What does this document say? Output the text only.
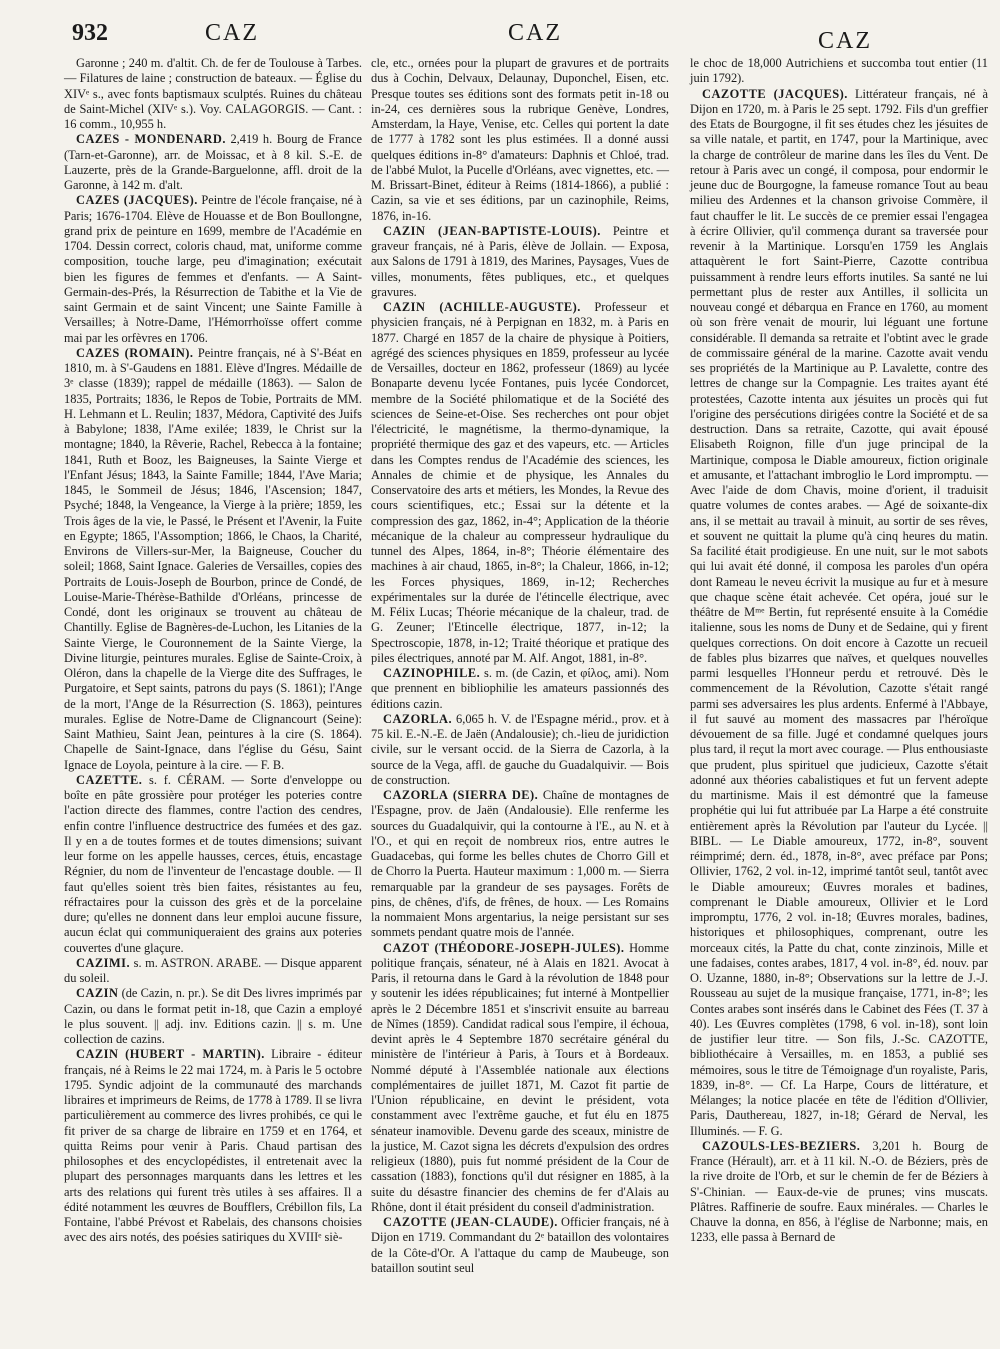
932	CAZ	CAZ	CAZ

Garonne ; 240 m. d'altit. Ch. de fer de Toulouse à Tarbes. — Filatures de laine ; construction de bateaux. — Église du XIVᵉ s., avec fonts baptismaux sculptés. Ruines du château de Saint-Michel (XIVᵉ s.). Voy. CALAGORGIS. — Cant. : 16 comm., 10,955 h.

CAZES - MONDENARD. 2,419 h. Bourg de France (Tarn-et-Garonne), arr. de Moissac, et à 8 kil. S.-E. de Lauzerte, près de la Grande-Barguelonne, affl. droit de la Garonne, à 142 m. d'alt.

CAZES (JACQUES). Peintre de l'école française, né à Paris; 1676-1704. Elève de Houasse et de Bon Boullongne, grand prix de peinture en 1699, membre de l'Académie en 1704. Dessin correct, coloris chaud, mat, uniforme comme composition, touche large, peu d'imagination; exécutait bien les figures de femmes et d'enfants. — A Saint-Germain-des-Prés, la Résurrection de Tabithe et la Vie de saint Germain et de saint Vincent; une Sainte Famille à Versailles; à Notre-Dame, l'Hémorrhoïsse offert comme mai par les orfèvres en 1706.

CAZES (ROMAIN). Peintre français, né à S'-Béat en 1810, m. à S'-Gaudens en 1881. Elève d'Ingres. Médaille de 3ᵉ classe (1839); rappel de médaille (1863). — Salon de 1835, Portraits; 1836, le Repos de Tobie, Portraits de MM. H. Lehmann et L. Reulin; 1837, Médora, Captivité des Juifs à Babylone; 1838, l'Ame exilée; 1839, le Christ sur la montagne; 1840, la Rêverie, Rachel, Rebecca à la fontaine; 1841, Ruth et Booz, les Baigneuses, la Sainte Vierge et l'Enfant Jésus; 1843, la Sainte Famille; 1844, l'Ave Maria; 1845, le Sommeil de Jésus; 1846, l'Ascension; 1847, Psyché; 1848, la Vengeance, la Vierge à la prière; 1859, les Trois âges de la vie, le Passé, le Présent et l'Avenir, la Fuite en Egypte; 1865, l'Assomption; 1866, le Chaos, la Charité, Environs de Villers-sur-Mer, la Baigneuse, Coucher du soleil; 1868, Saint Ignace. Galeries de Versailles, copies des Portraits de Louis-Joseph de Bourbon, prince de Condé, de Louise-Marie-Thérèse-Bathilde d'Orléans, princesse de Condé, dont les originaux se trouvent au château de Chantilly. Eglise de Bagnères-de-Luchon, les Litanies de la Sainte Vierge, le Couronnement de la Sainte Vierge, la Divine liturgie, peintures murales. Eglise de Sainte-Croix, à Oléron, dans la chapelle de la Vierge dite des Suffrages, le Purgatoire, et Sept saints, patrons du pays (S. 1861); l'Ange de la mort, l'Ange de la Résurrection (S. 1863), peintures murales. Eglise de Notre-Dame de Clignancourt (Seine): Saint Mathieu, Saint Jean, peintures à la cire (S. 1864). Chapelle de Saint-Ignace, dans l'église du Gésu, Saint Ignace de Loyola, peinture à la cire. — F. B.

CAZETTE. s. f. CÉRAM. — Sorte d'enveloppe ou boîte en pâte grossière pour protéger les poteries contre l'action directe des flammes, contre l'action des cendres, enfin contre l'influence destructrice des fumées et des gaz. Il y en a de toutes formes et de toutes dimensions; suivant leur forme on les appelle hausses, cerces, étuis, encastage Régnier, du nom de l'inventeur de l'encastage double. — Il faut qu'elles soient très bien faites, résistantes au feu, réfractaires pour la cuisson des grès et de la porcelaine dure; qu'elles ne donnent dans leur emploi aucune fissure, aucun éclat qui communiqueraient des grains aux poteries couvertes d'une glaçure.

CAZIMI. s. m. ASTRON. ARABE. — Disque apparent du soleil.

CAZIN (de Cazin, n. pr.). Se dit Des livres imprimés par Cazin, ou dans le format petit in-18, que Cazin a employé le plus souvent. || adj. inv. Editions cazin. || s. m. Une collection de cazins.

CAZIN (HUBERT - MARTIN). Libraire - éditeur français, né à Reims le 22 mai 1724, m. à Paris le 5 octobre 1795. Syndic adjoint de la communauté des marchands libraires et imprimeurs de Reims, de 1778 à 1789. Il se livra particulièrement au commerce des livres prohibés, ce qui le fit priver de sa charge de libraire en 1759 et en 1764, et quitta Reims pour venir à Paris. Chaud partisan des philosophes et des encyclopédistes, il entretenait avec la plupart des personnages marquants dans les lettres et les arts des relations qui furent très utiles à ses affaires. Il a édité notamment les œuvres de Boufflers, Crébillon fils, La Fontaine, l'abbé Prévost et Rabelais, des chansons choisies avec des airs notés, des poésies satiriques du XVIIIᵉ siè-

cle, etc., ornées pour la plupart de gravures et de portraits dus à Cochin, Delvaux, Delaunay, Duponchel, Eisen, etc. Presque toutes ses éditions sont des formats petit in-18 ou in-24, ces dernières sous la rubrique Genève, Londres, Amsterdam, la Haye, Venise, etc. Celles qui portent la date de 1777 à 1782 sont les plus estimées. Il a donné aussi quelques éditions in-8° d'amateurs: Daphnis et Chloé, trad. de l'abbé Mulot, la Pucelle d'Orléans, avec vignettes, etc. — M. Brissart-Binet, éditeur à Reims (1814-1866), a publié : Cazin, sa vie et ses éditions, par un cazinophile, Reims, 1876, in-16.

CAZIN (JEAN-BAPTISTE-LOUIS). Peintre et graveur français, né à Paris, élève de Jollain. — Exposa, aux Salons de 1791 à 1819, des Marines, Paysages, Vues de villes, monuments, fêtes publiques, etc., et quelques gravures.

CAZIN (ACHILLE-AUGUSTE). Professeur et physicien français, né à Perpignan en 1832, m. à Paris en 1877. Chargé en 1857 de la chaire de physique à Poitiers, agrégé des sciences physiques en 1859, professeur au lycée de Versailles, docteur en 1862, professeur (1869) au lycée Bonaparte devenu lycée Fontanes, puis lycée Condorcet, membre de la Société philomatique et de la Société des sciences de Seine-et-Oise. Ses recherches ont pour objet l'électricité, le magnétisme, la thermo-dynamique, la propriété thermique des gaz et des vapeurs, etc. — Articles dans les Comptes rendus de l'Académie des sciences, les Annales de chimie et de physique, les Annales du Conservatoire des arts et métiers, les Mondes, la Revue des cours scientifiques, etc.; Essai sur la détente et la compression des gaz, 1862, in-4°; Application de la théorie mécanique de la chaleur au compresseur hydraulique du tunnel des Alpes, 1864, in-8°; Théorie élémentaire des machines à air chaud, 1865, in-8°; la Chaleur, 1866, in-12; les Forces physiques, 1869, in-12; Recherches expérimentales sur la durée de l'étincelle électrique, avec M. Félix Lucas; Théorie mécanique de la chaleur, trad. de G. Zeuner; l'Etincelle électrique, 1877, in-12; la Spectroscopie, 1878, in-12; Traité théorique et pratique des piles électriques, annoté par M. Alf. Angot, 1881, in-8°.

CAZINOPHILE. s. m. (de Cazin, et φίλος, ami). Nom que prennent en bibliophilie les amateurs passionnés des éditions cazin.

CAZORLA. 6,065 h. V. de l'Espagne mérid., prov. et à 75 kil. E.-N.-E. de Jaën (Andalousie); ch.-lieu de juridiction civile, sur le versant occid. de la Sierra de Cazorla, à la source de la Vega, affl. de gauche du Guadalquivir. — Bois de construction.

CAZORLA (SIERRA DE). Chaîne de montagnes de l'Espagne, prov. de Jaën (Andalousie). Elle renferme les sources du Guadalquivir, qui la contourne à l'E., au N. et à l'O., et qui en reçoit de nombreux rios, entre autres le Guadacebas, qui forme les belles chutes de Chorro Gill et de Chorro la Puerta. Hauteur maximum : 1,000 m. — Sierra remarquable par la grandeur de ses paysages. Forêts de pins, de chênes, d'ifs, de frênes, de houx. — Les Romains la nommaient Mons argentarius, la neige persistant sur ses sommets pendant quatre mois de l'année.

CAZOT (THÉODORE-JOSEPH-JULES). Homme politique français, sénateur, né à Alais en 1821. Avocat à Paris, il retourna dans le Gard à la révolution de 1848 pour y soutenir les idées républicaines; fut interné à Montpellier après le 2 Décembre 1851 et s'inscrivit ensuite au barreau de Nîmes (1859). Candidat radical sous l'empire, il échoua, devint après le 4 Septembre 1870 secrétaire général du ministère de l'intérieur à Paris, à Tours et à Bordeaux. Nommé député à l'Assemblée nationale aux élections complémentaires de juillet 1871, M. Cazot fit partie de l'Union républicaine, en devint le président, vota constamment avec l'extrême gauche, et fut élu en 1875 sénateur inamovible. Devenu garde des sceaux, ministre de la justice, M. Cazot signa les décrets d'expulsion des ordres religieux (1880), puis fut nommé président de la Cour de cassation (1883), fonctions qu'il dut résigner en 1885, à la suite du désastre financier des chemins de fer d'Alais au Rhône, dont il était président du conseil d'administration.

CAZOTTE (JEAN-CLAUDE). Officier français, né à Dijon en 1719. Commandant du 2ᵉ bataillon des volontaires de la Côte-d'Or. A l'attaque du camp de Maubeuge, son bataillon soutint seul

le choc de 18,000 Autrichiens et succomba tout entier (11 juin 1792).

CAZOTTE (JACQUES). Littérateur français, né à Dijon en 1720, m. à Paris le 25 sept. 1792. Fils d'un greffier des Etats de Bourgogne, il fit ses études chez les jésuites de sa ville natale, et partit, en 1747, pour la Martinique, avec la charge de contrôleur de marine dans les îles du Vent. De retour à Paris avec un congé, il composa, pour endormir le jeune duc de Bourgogne, la fameuse romance Tout au beau milieu des Ardennes et la chanson grivoise Commère, il faut chauffer le lit. Le succès de ce premier essai l'engagea à écrire Ollivier, qu'il commença durant sa traversée pour revenir à la Martinique. Lorsqu'en 1759 les Anglais attaquèrent le fort Saint-Pierre, Cazotte contribua puissamment à rendre leurs efforts inutiles. Sa santé ne lui permettant plus de rester aux Antilles, il sollicita un nouveau congé et débarqua en France en 1760, au moment où son frère venait de mourir, lui léguant une fortune considérable. Il demanda sa retraite et l'obtint avec le grade de commissaire général de la marine. Cazotte avait vendu ses propriétés de la Martinique au P. Lavalette, contre des lettres de change sur la Compagnie. Les traites ayant été protestées, Cazotte intenta aux jésuites un procès qui fut l'origine des persécutions dirigées contre la Société et de sa destruction. Dans sa retraite, Cazotte, qui avait épousé Elisabeth Roignon, fille d'un juge principal de la Martinique, composa le Diable amoureux, fiction originale et amusante, et l'attachant imbroglio le Lord impromptu. — Avec l'aide de dom Chavis, moine d'orient, il traduisit quatre volumes de contes arabes. — Agé de soixante-dix ans, il se mettait au travail à minuit, au sortir de ses rêves, et souvent ne quittait la plume qu'à cinq heures du matin. Sa facilité était prodigieuse. En une nuit, sur le mot sabots qui lui avait été donné, il composa les paroles d'un opéra dont Rameau le neveu écrivit la musique au fur et à mesure que chaque scène était achevée. Cet opéra, joué sur le théâtre de Mᵐᵉ Bertin, fut représenté ensuite à la Comédie italienne, sous les noms de Duny et de Sedaine, qui y firent quelques corrections. On doit encore à Cazotte un recueil de fables plus bizarres que naïves, et quelques nouvelles parmi lesquelles l'Honneur perdu et retrouvé. Dès le commencement de la Révolution, Cazotte s'était rangé parmi ses adversaires les plus ardents. Enfermé à l'Abbaye, il fut sauvé au moment des massacres par l'héroïque dévouement de sa fille. Jugé et condamné quelques jours plus tard, il reçut la mort avec courage. — Plus enthousiaste que prudent, plus spirituel que judicieux, Cazotte s'était adonné aux théories cabalistiques et fut un fervent adepte du martinisme. Mais il est démontré que la fameuse prophétie qui lui fut attribuée par La Harpe a été construite entièrement après la Révolution par l'auteur du Lycée. || BIBL. — Le Diable amoureux, 1772, in-8°, souvent réimprimé; dern. éd., 1878, in-8°, avec préface par Pons; Ollivier, 1762, 2 vol. in-12, imprimé tantôt seul, tantôt avec le Diable amoureux; Œuvres morales et badines, comprenant le Diable amoureux, Ollivier et le Lord impromptu, 1776, 2 vol. in-18; Œuvres morales, badines, historiques et philosophiques, comprenant, outre les morceaux cités, la Patte du chat, conte zinzinois, Mille et une fadaises, contes arabes, 1817, 4 vol. in-8°, éd. nouv. par O. Uzanne, 1880, in-8°; Observations sur la lettre de J.-J. Rousseau au sujet de la musique française, 1771, in-8°; les Contes arabes sont insérés dans le Cabinet des Fées (T. 37 à 40). Les Œuvres complètes (1798, 6 vol. in-18), sont loin de justifier leur titre. — Son fils, J.-Sc. CAZOTTE, bibliothécaire à Versailles, m. en 1853, a publié ses mémoires, sous le titre de Témoignage d'un royaliste, Paris, 1839, in-8°. — Cf. La Harpe, Cours de littérature, et Mélanges; la notice placée en tête de l'édition d'Ollivier, Paris, Dauthereau, 1827, in-18; Gérard de Nerval, les Illuminés. — F. G.

CAZOULS-LES-BEZIERS. 3,201 h. Bourg de France (Hérault), arr. et à 11 kil. N.-O. de Béziers, près de la rive droite de l'Orb, et sur le chemin de fer de Béziers à S'-Chinian. — Eaux-de-vie de prunes; vins muscats. Plâtres. Raffinerie de soufre. Eaux minérales. — Charles le Chauve la donna, en 856, à l'église de Narbonne; mais, en 1233, elle passa à Bernard de
